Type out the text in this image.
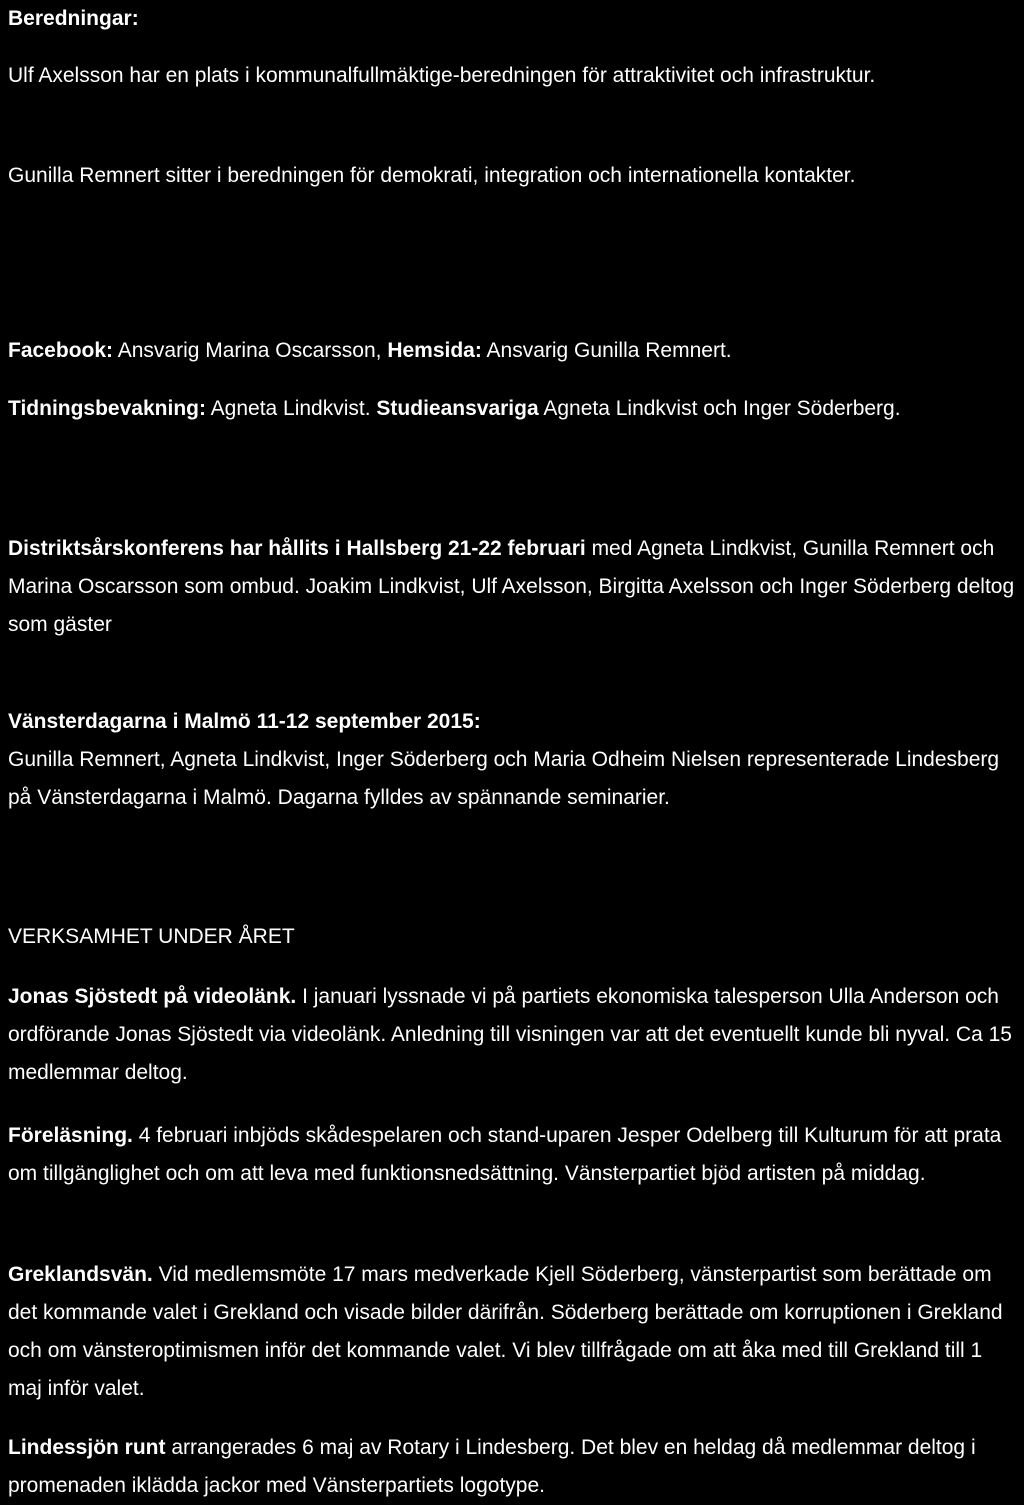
Beredningar:

Ulf Axelsson har en plats i kommunalfullmäktige-beredningen för attraktivitet och infrastruktur.

Gunilla Remnert sitter i beredningen för demokrati, integration och internationella kontakter.

Facebook: Ansvarig Marina Oscarsson, Hemsida: Ansvarig Gunilla Remnert.

Tidningsbevakning: Agneta Lindkvist. Studieansvariga Agneta Lindkvist och Inger Söderberg.

Distriktsårskonferens har hållits i Hallsberg 21-22 februari med Agneta Lindkvist, Gunilla Remnert och Marina Oscarsson som ombud. Joakim Lindkvist, Ulf Axelsson, Birgitta Axelsson och Inger Söderberg deltog som gäster

Vänsterdagarna i Malmö 11-12 september 2015:

Gunilla Remnert, Agneta Lindkvist, Inger Söderberg och Maria Odheim Nielsen representerade Lindesberg på Vänsterdagarna i Malmö. Dagarna fylldes av spännande seminarier.

VERKSAMHET UNDER ÅRET

Jonas Sjöstedt på videolänk. I januari lyssnade vi på partiets ekonomiska talesperson Ulla Anderson och ordförande Jonas Sjöstedt via videolänk. Anledning till visningen var att det eventuellt kunde bli nyval. Ca 15 medlemmar deltog.

Föreläsning. 4 februari inbjöds skådespelaren och stand-uparen Jesper Odelberg till Kulturum för att prata om tillgänglighet och om att leva med funktionsnedsättning. Vänsterpartiet bjöd artisten på middag.

Greklandsvän. Vid medlemsmöte 17 mars medverkade Kjell Söderberg, vänsterpartist som berättade om det kommande valet i Grekland och visade bilder därifrån. Söderberg berättade om korruptionen i Grekland och om vänsteroptimismen inför det kommande valet. Vi blev tillfrågade om att åka med till Grekland till 1 maj inför valet.

Lindessjön runt arrangerades 6 maj av Rotary i Lindesberg. Det blev en heldag då medlemmar deltog i promenaden iklädda jackor med Vänsterpartiets logotype.
